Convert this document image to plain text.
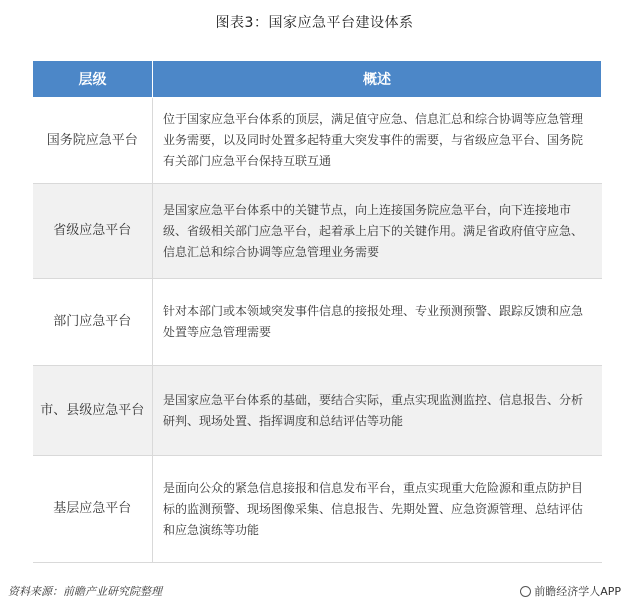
图表3：国家应急平台建设体系
层级	概述
国务院应急平台	位于国家应急平台体系的顶层，满足值守应急、信息汇总和综合协调等应急管理业务需要，以及同时处置多起特重大突发事件的需要，与省级应急平台、国务院有关部门应急平台保持互联互通
省级应急平台	是国家应急平台体系中的关键节点，向上连接国务院应急平台，向下连接地市级、省级相关部门应急平台，起着承上启下的关键作用。满足省政府值守应急、信息汇总和综合协调等应急管理业务需要
部门应急平台	针对本部门或本领域突发事件信息的接报处理、专业预测预警、跟踪反馈和应急处置等应急管理需要
市、县级应急平台	是国家应急平台体系的基础，要结合实际，重点实现监测监控、信息报告、分析研判、现场处置、指挥调度和总结评估等功能
基层应急平台	是面向公众的紧急信息接报和信息发布平台，重点实现重大危险源和重点防护目标的监测预警、现场图像采集、信息报告、先期处置、应急资源管理、总结评估和应急演练等功能
资料来源：前瞻产业研究院整理	前瞻经济学人APP
